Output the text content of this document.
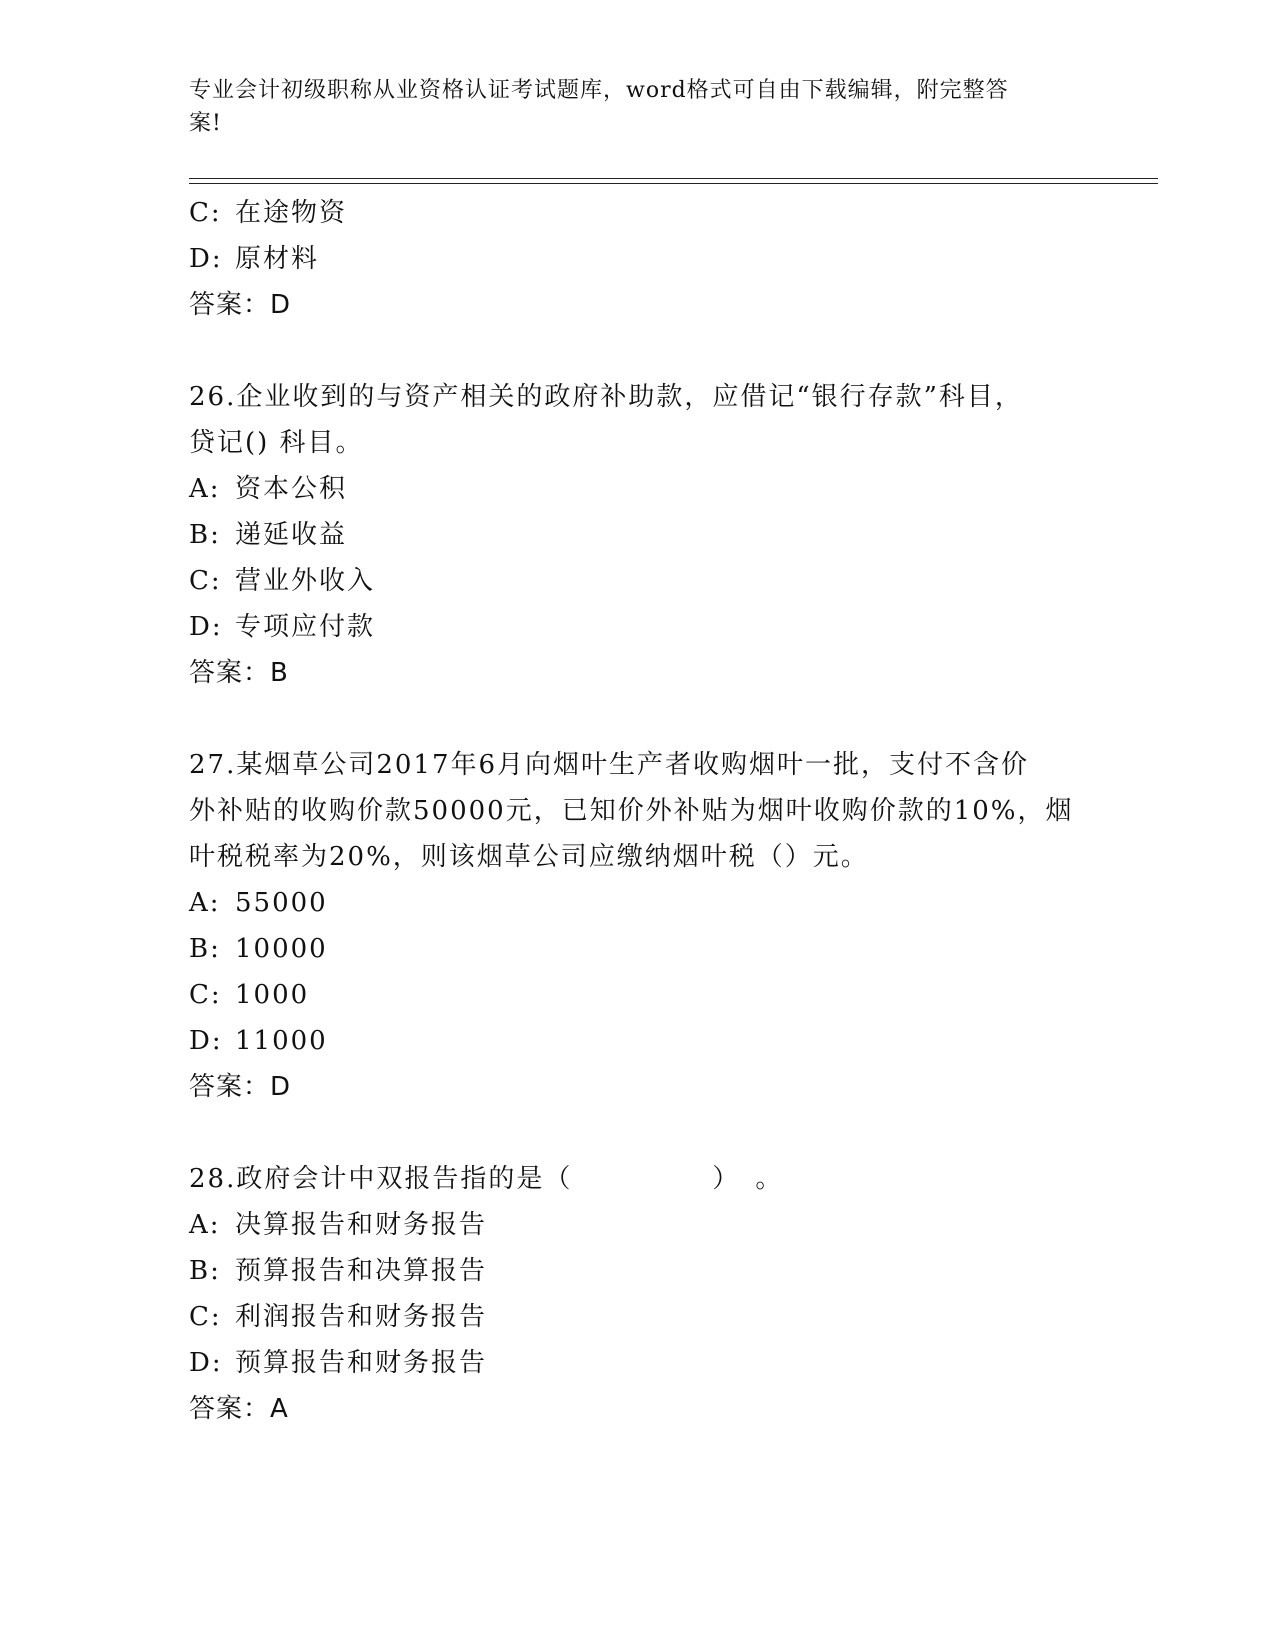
专业会计初级职称从业资格认证考试题库，word格式可自由下载编辑，附完整答
案!
C: 在途物资
D: 原材料
答案：D
26.企业收到的与资产相关的政府补助款，应借记“银行存款”科目，
贷记() 科目。
A: 资本公积
B: 递延收益
C: 营业外收入
D: 专项应付款
答案：B
27.某烟草公司2017年6月向烟叶生产者收购烟叶一批，支付不含价
外补贴的收购价款50000元，已知价外补贴为烟叶收购价款的10%，烟
叶税税率为20%，则该烟草公司应缴纳烟叶税（）元。
A: 55000
B: 10000
C: 1000
D: 11000
答案：D
28.政府会计中双报告指的是（　　　　　）　。
A: 决算报告和财务报告
B: 预算报告和决算报告
C: 利润报告和财务报告
D: 预算报告和财务报告
答案：A
